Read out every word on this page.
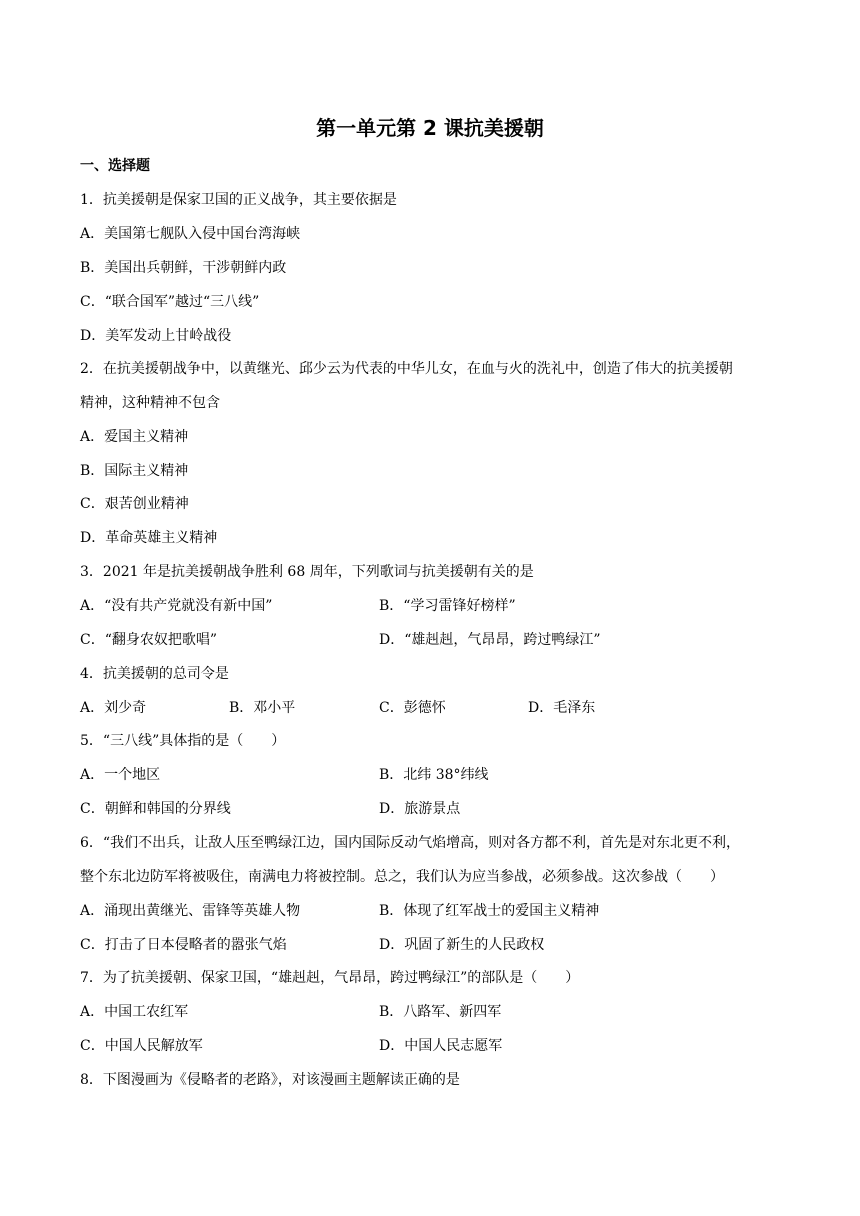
第一单元第 2 课抗美援朝
一、选择题
1．抗美援朝是保家卫国的正义战争，其主要依据是
A．美国第七舰队入侵中国台湾海峡
B．美国出兵朝鲜，干涉朝鲜内政
C．“联合国军”越过“三八线”
D．美军发动上甘岭战役
2．在抗美援朝战争中，以黄继光、邱少云为代表的中华儿女，在血与火的洗礼中，创造了伟大的抗美援朝
精神，这种精神不包含
A．爱国主义精神
B．国际主义精神
C．艰苦创业精神
D．革命英雄主义精神
3．2021 年是抗美援朝战争胜利 68 周年，下列歌词与抗美援朝有关的是
A．“没有共产党就没有新中国”	B．“学习雷锋好榜样”
C．“翻身农奴把歌唱”	D．“雄赳赳，气昂昂，跨过鸭绿江”
4．抗美援朝的总司令是
A．刘少奇	B．邓小平	C．彭德怀	D．毛泽东
5．“三八线”具体指的是（　　）
A．一个地区	B．北纬 38°纬线
C．朝鲜和韩国的分界线	D．旅游景点
6．“我们不出兵，让敌人压至鸭绿江边，国内国际反动气焰增高，则对各方都不利，首先是对东北更不利，
整个东北边防军将被吸住，南满电力将被控制。总之，我们认为应当参战，必须参战。这次参战（　　）
A．涌现出黄继光、雷锋等英雄人物	B．体现了红军战士的爱国主义精神
C．打击了日本侵略者的嚣张气焰	D．巩固了新生的人民政权
7．为了抗美援朝、保家卫国，“雄赳赳，气昂昂，跨过鸭绿江”的部队是（　　）
A．中国工农红军	B．八路军、新四军
C．中国人民解放军	D．中国人民志愿军
8．下图漫画为《侵略者的老路》，对该漫画主题解读正确的是
